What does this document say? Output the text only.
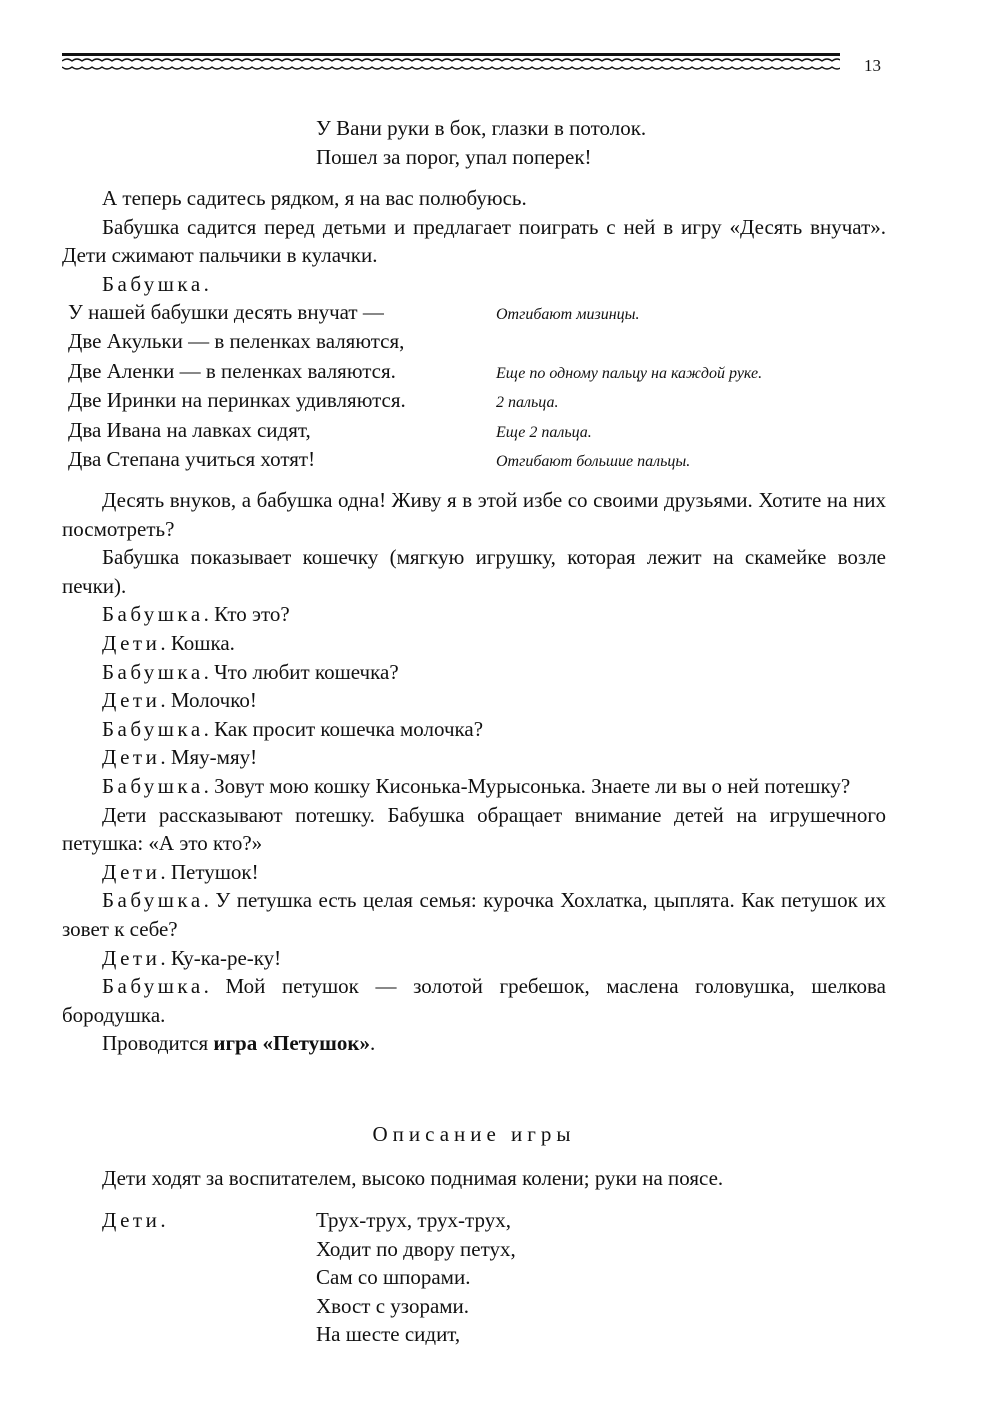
13

У Вани руки в бок, глазки в потолок.

Пошел за порог, упал поперек!

А теперь садитесь рядком, я на вас полюбуюсь.

Бабушка садится перед детьми и предлагает поиграть с ней в игру «Десять внучат». Дети сжимают пальчики в кулачки.

Бабушка.

У нашей бабушки десять внучат —	Отгибают мизинцы.
Две Акульки — в пеленках валяются,
Две Аленки — в пеленках валяются.	Еще по одному пальцу на каждой руке.
Две Иринки на перинках удивляются.	2 пальца.
Два Ивана на лавках сидят,	Еще 2 пальца.
Два Степана учиться хотят!	Отгибают большие пальцы.

Десять внуков, а бабушка одна! Живу я в этой избе со своими друзьями. Хотите на них посмотреть?

Бабушка показывает кошечку (мягкую игрушку, которая лежит на скамейке возле печки).

Бабушка. Кто это?

Дети. Кошка.

Бабушка. Что любит кошечка?

Дети. Молочко!

Бабушка. Как просит кошечка молочка?

Дети. Мяу-мяу!

Бабушка. Зовут мою кошку Кисонька-Мурысонька. Знаете ли вы о ней потешку?

Дети рассказывают потешку. Бабушка обращает внимание детей на игрушечного петушка: «А это кто?»

Дети. Петушок!

Бабушка. У петушка есть целая семья: курочка Хохлатка, цыплята. Как петушок их зовет к себе?

Дети. Ку-ка-ре-ку!

Бабушка. Мой петушок — золотой гребешок, маслена головушка, шелкова бородушка.

Проводится игра «Петушок».

Описание игры

Дети ходят за воспитателем, высоко поднимая колени; руки на поясе.

Дети.	Трух-трух, трух-трух,

Ходит по двору петух,

Сам со шпорами.

Хвост с узорами.

На шесте сидит,
